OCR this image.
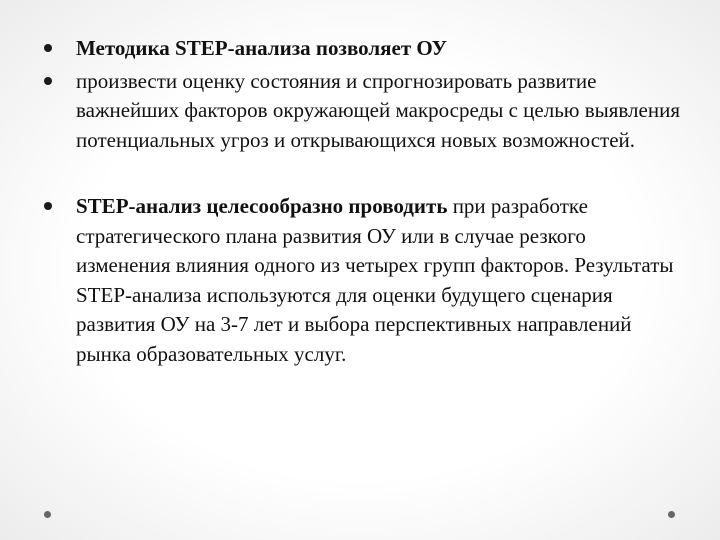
Методика STEP-анализа позволяет ОУ
произвести оценку состояния и спрогнозировать развитие важнейших факторов окружающей макросреды с целью выявления потенциальных угроз и открывающихся новых возможностей.
STEP-анализ целесообразно проводить при разработке стратегического плана развития ОУ или в случае резкого изменения влияния одного из четырех групп факторов. Результаты STEP-анализа используются для оценки будущего сценария развития ОУ на 3-7 лет и выбора перспективных направлений рынка образовательных услуг.
